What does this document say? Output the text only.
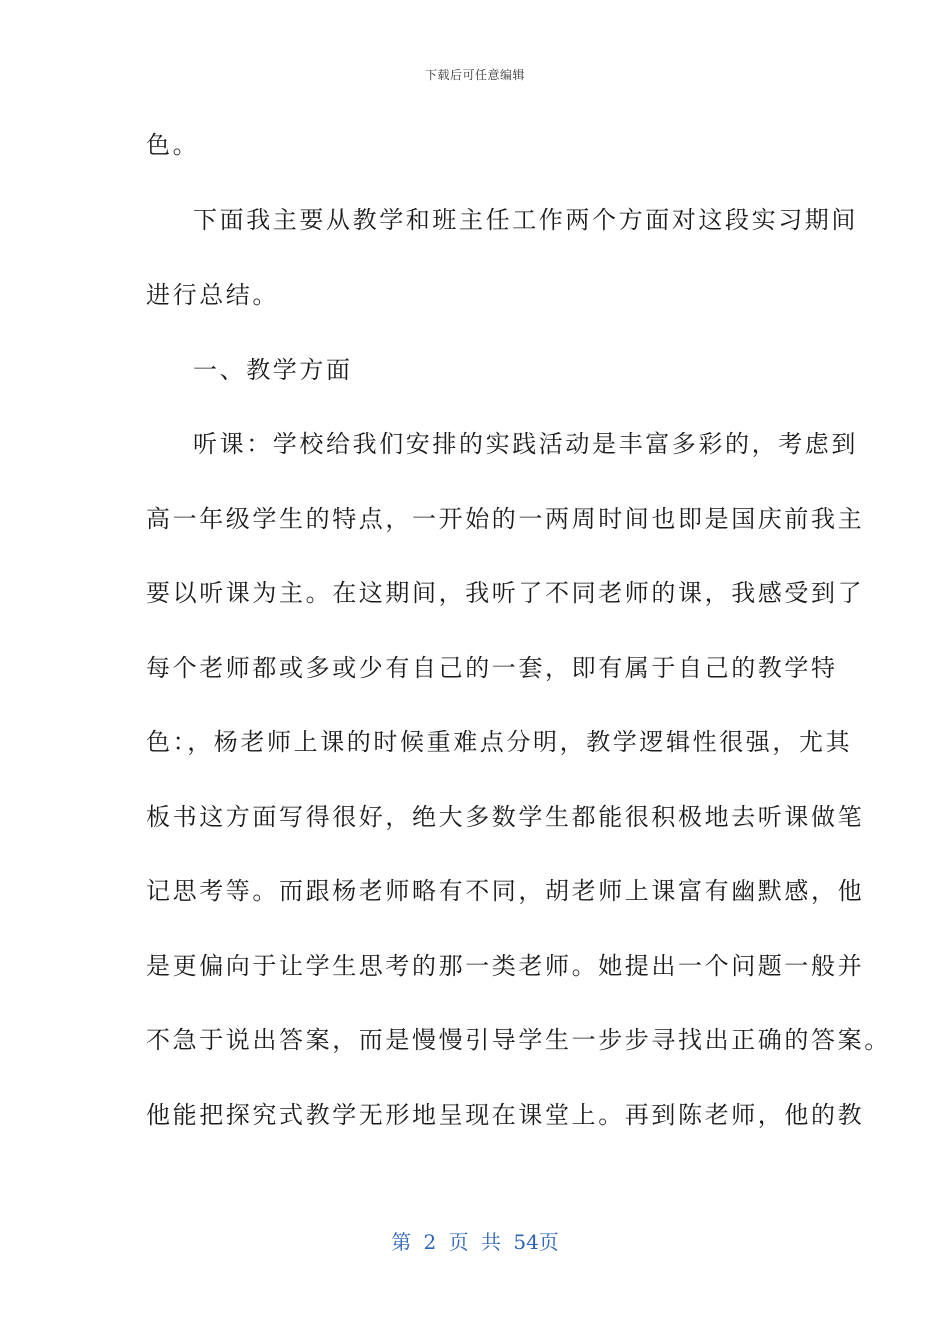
下载后可任意编辑
色。
下面我主要从教学和班主任工作两个方面对这段实习期间
进行总结。
一、教学方面
听课：学校给我们安排的实践活动是丰富多彩的，考虑到
高一年级学生的特点，一开始的一两周时间也即是国庆前我主
要以听课为主。在这期间，我听了不同老师的课，我感受到了
每个老师都或多或少有自己的一套，即有属于自己的教学特
色：，杨老师上课的时候重难点分明，教学逻辑性很强，尤其
板书这方面写得很好，绝大多数学生都能很积极地去听课做笔
记思考等。而跟杨老师略有不同，胡老师上课富有幽默感，他
是更偏向于让学生思考的那一类老师。她提出一个问题一般并
不急于说出答案，而是慢慢引导学生一步步寻找出正确的答案。
他能把探究式教学无形地呈现在课堂上。再到陈老师，他的教
第 2 页 共 54页
